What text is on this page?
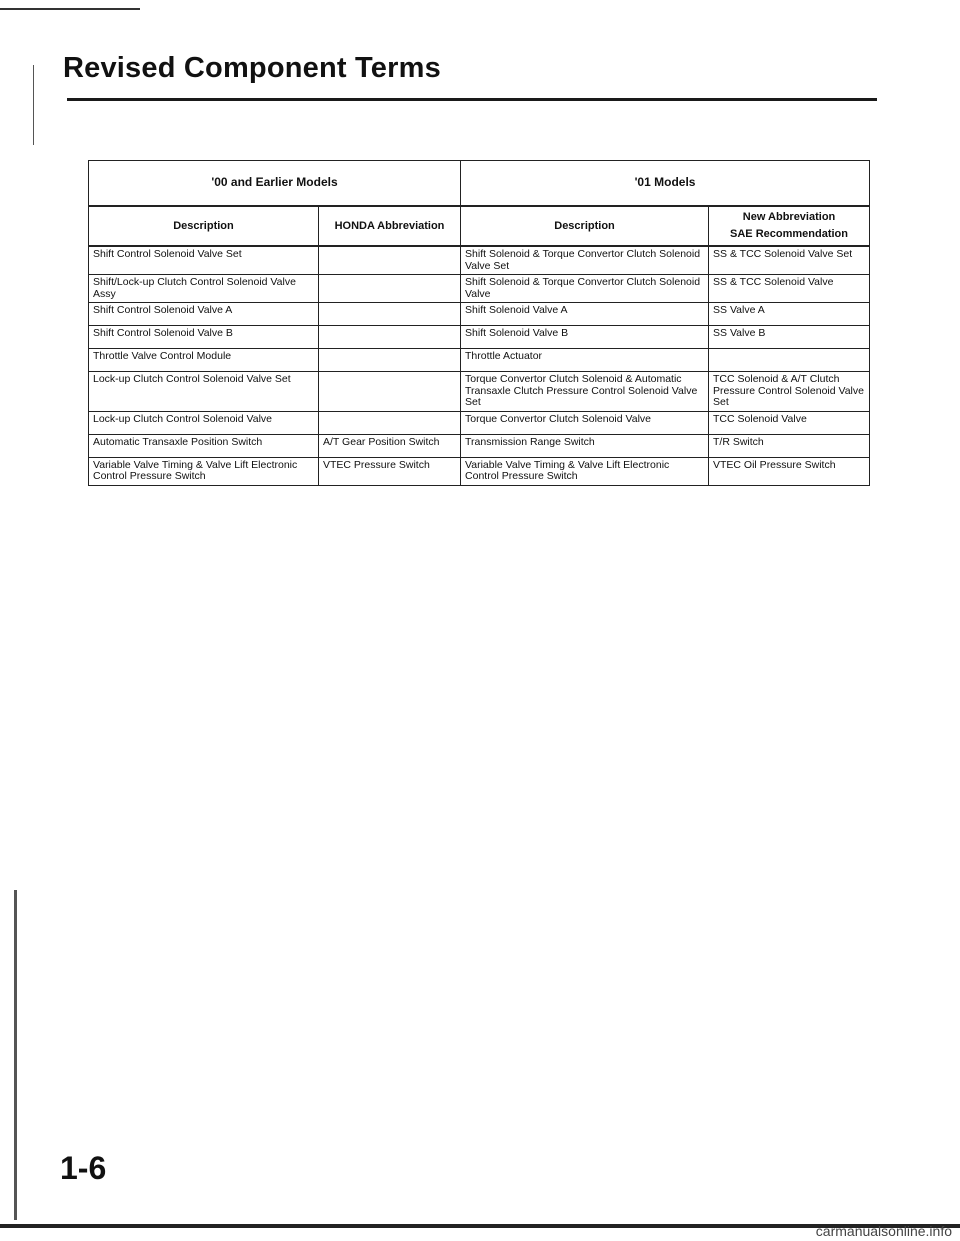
Revised Component Terms
'00 and Earlier Models		'01 Models	
Description	HONDA Abbreviation	Description	New Abbreviation
SAE Recommendation

Shift Control Solenoid Valve Set		Shift Solenoid & Torque Convertor Clutch Solenoid Valve Set	SS & TCC Solenoid Valve Set
Shift/Lock-up Clutch Control Solenoid Valve Assy		Shift Solenoid & Torque Convertor Clutch Solenoid Valve	SS & TCC Solenoid Valve
Shift Control Solenoid Valve A		Shift Solenoid Valve A	SS Valve A
Shift Control Solenoid Valve B		Shift Solenoid Valve B	SS Valve B
Throttle Valve Control Module		Throttle Actuator	
Lock-up Clutch Control Solenoid Valve Set		Torque Convertor Clutch Solenoid & Automatic Transaxle Clutch Pressure Control Solenoid Valve Set	TCC Solenoid & A/T Clutch Pressure Control Solenoid Valve Set
Lock-up Clutch Control Solenoid Valve		Torque Convertor Clutch Solenoid Valve	TCC Solenoid Valve
Automatic Transaxle Position Switch	A/T Gear Position Switch	Transmission Range Switch	T/R Switch
Variable Valve Timing & Valve Lift Electronic Control Pressure Switch	VTEC Pressure Switch	Variable Valve Timing & Valve Lift Electronic Control Pressure Switch	VTEC Oil Pressure Switch
1-6
carmanualsonline.info
